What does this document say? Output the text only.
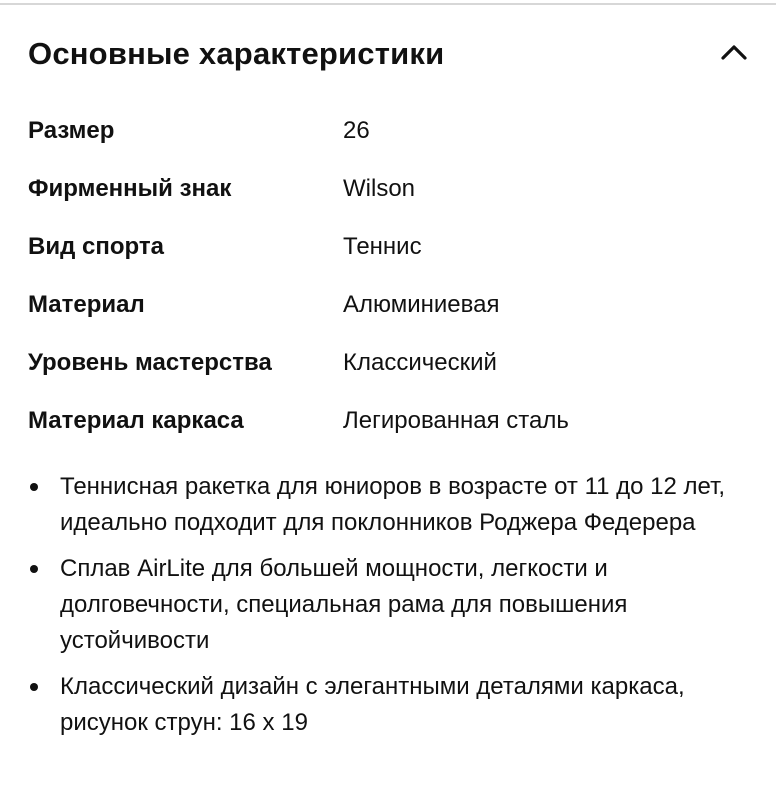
Основные характеристики
Размер	26
Фирменный знак	Wilson
Вид спорта	Теннис
Материал	Алюминиевая
Уровень мастерства	Классический
Материал каркаса	Легированная сталь
Теннисная ракетка для юниоров в возрасте от 11 до 12 лет, идеально подходит для поклонников Роджера Федерера
Сплав AirLite для большей мощности, легкости и долговечности, специальная рама для повышения устойчивости
Классический дизайн с элегантными деталями каркаса, рисунок струн: 16 х 19
